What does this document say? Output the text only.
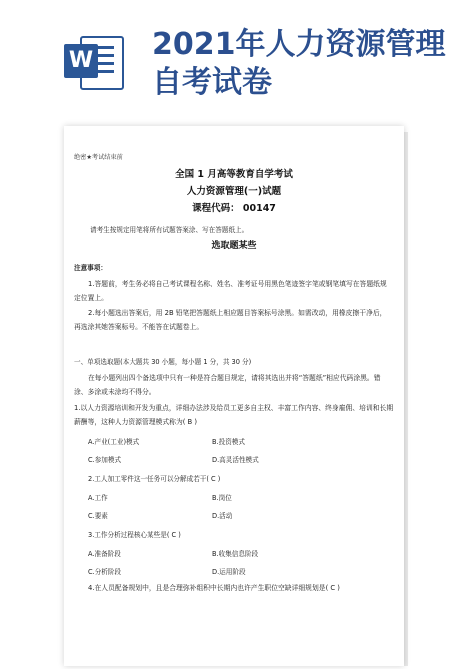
W 2021年人力资源管理自考试卷
绝密★考试结束前
全国 1 月高等教育自学考试
人力资源管理(一)试题
课程代码： 00147
请考生按规定用笔将所有试题答案涂、写在答题纸上。
选取题某些
注意事项：
1.答题前，考生务必将自己考试课程名称、姓名、准考证号用黑色笔迹签字笔或钢笔填写在答题纸规定位置上。
2.每小题选出答案后，用 2B 铅笔把答题纸上相应题目答案标号涂黑。如需改动，用橡皮擦干净后，再选涂其她答案标号。不能答在试题卷上。
一、单项选取题(本大题共 30 小题，每小题 1 分，共 30 分)
在每小题列出四个备选项中只有一种是符合题目规定，请将其选出并将“答题纸”相应代码涂黑。错涂、多涂或未涂均不得分。
1.以人力资源培训和开发为重点，详细办法涉及给员工更多自主权、丰富工作内容、终身雇佣、培训和长期薪酬等，这种人力资源管理模式称为( B )
A.产业(工业)模式	B.投资模式
C.参加模式	D.高灵活性模式
2.工人加工零件这一任务可以分解成若干( C )
A.工作	B.岗位
C.要素	D.活动
3.工作分析过程核心某些是( C )
A.准备阶段	B.收集信息阶段
C.分析阶段	D.运用阶段
4.在人员配备规划中，且是合理弥补组积中长期内也许产生职位空缺详细规划是( C )
